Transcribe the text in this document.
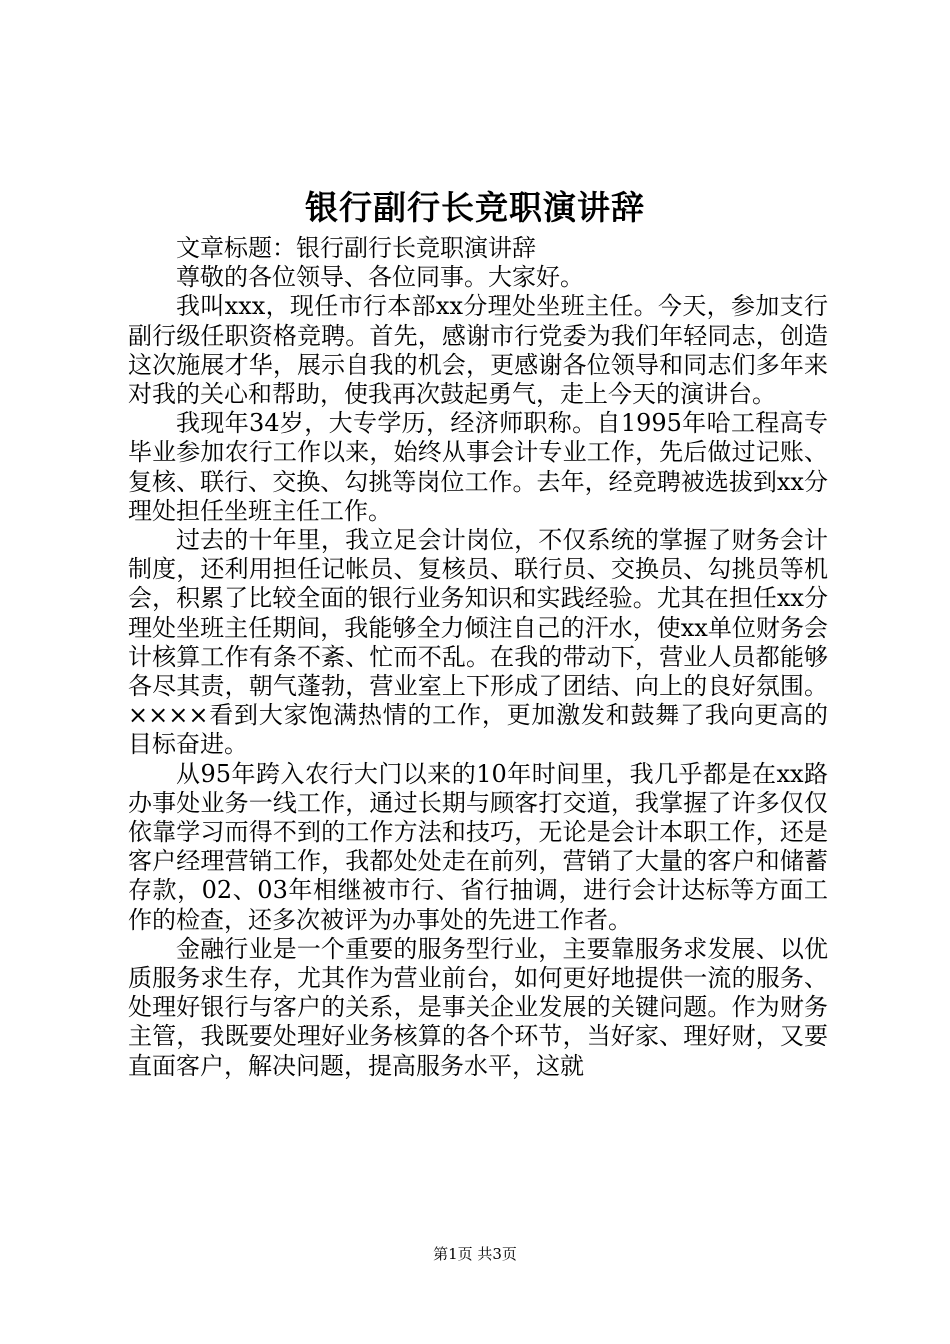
银行副行长竞职演讲辞

文章标题：银行副行长竞职演讲辞

尊敬的各位领导、各位同事。大家好。

我叫xxx，现任市行本部xx分理处坐班主任。今天，参加支行副行级任职资格竞聘。首先，感谢市行党委为我们年轻同志，创造这次施展才华，展示自我的机会，更感谢各位领导和同志们多年来对我的关心和帮助，使我再次鼓起勇气，走上今天的演讲台。

我现年34岁，大专学历，经济师职称。自1995年哈工程高专毕业参加农行工作以来，始终从事会计专业工作，先后做过记账、复核、联行、交换、勾挑等岗位工作。去年，经竞聘被选拔到xx分理处担任坐班主任工作。

过去的十年里，我立足会计岗位，不仅系统的掌握了财务会计制度，还利用担任记帐员、复核员、联行员、交换员、勾挑员等机会，积累了比较全面的银行业务知识和实践经验。尤其在担任xx分理处坐班主任期间，我能够全力倾注自己的汗水，使xx单位财务会计核算工作有条不紊、忙而不乱。在我的带动下，营业人员都能够各尽其责，朝气蓬勃，营业室上下形成了团结、向上的良好氛围。××××看到大家饱满热情的工作，更加激发和鼓舞了我向更高的目标奋进。

从95年跨入农行大门以来的10年时间里，我几乎都是在xx路办事处业务一线工作，通过长期与顾客打交道，我掌握了许多仅仅依靠学习而得不到的工作方法和技巧，无论是会计本职工作，还是客户经理营销工作，我都处处走在前列，营销了大量的客户和储蓄存款，02、03年相继被市行、省行抽调，进行会计达标等方面工作的检查，还多次被评为办事处的先进工作者。

金融行业是一个重要的服务型行业，主要靠服务求发展、以优质服务求生存，尤其作为营业前台，如何更好地提供一流的服务、处理好银行与客户的关系，是事关企业发展的关键问题。作为财务主管，我既要处理好业务核算的各个环节，当好家、理好财，又要直面客户，解决问题，提高服务水平，这就

第1页 共3页
